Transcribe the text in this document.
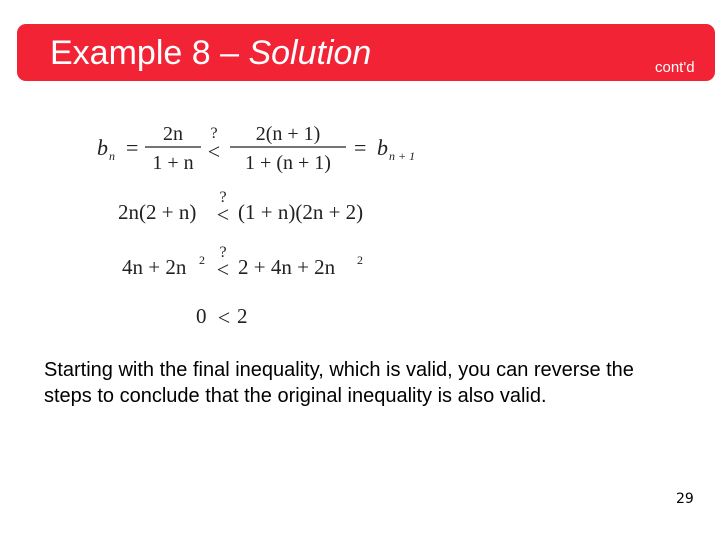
Example 8 – Solution	cont'd
b n =
2n
1 + n
?
<
2(n + 1)
1 + (n + 1)
= b n + 1
2n(2 + n)
?
< (1 + n)(2n + 2)
4n + 2n 2 ?
< 2 + 4n + 2n 2
0 < 2
Starting with the final inequality, which is valid, you can reverse the steps to conclude that the original inequality is also valid.
29
